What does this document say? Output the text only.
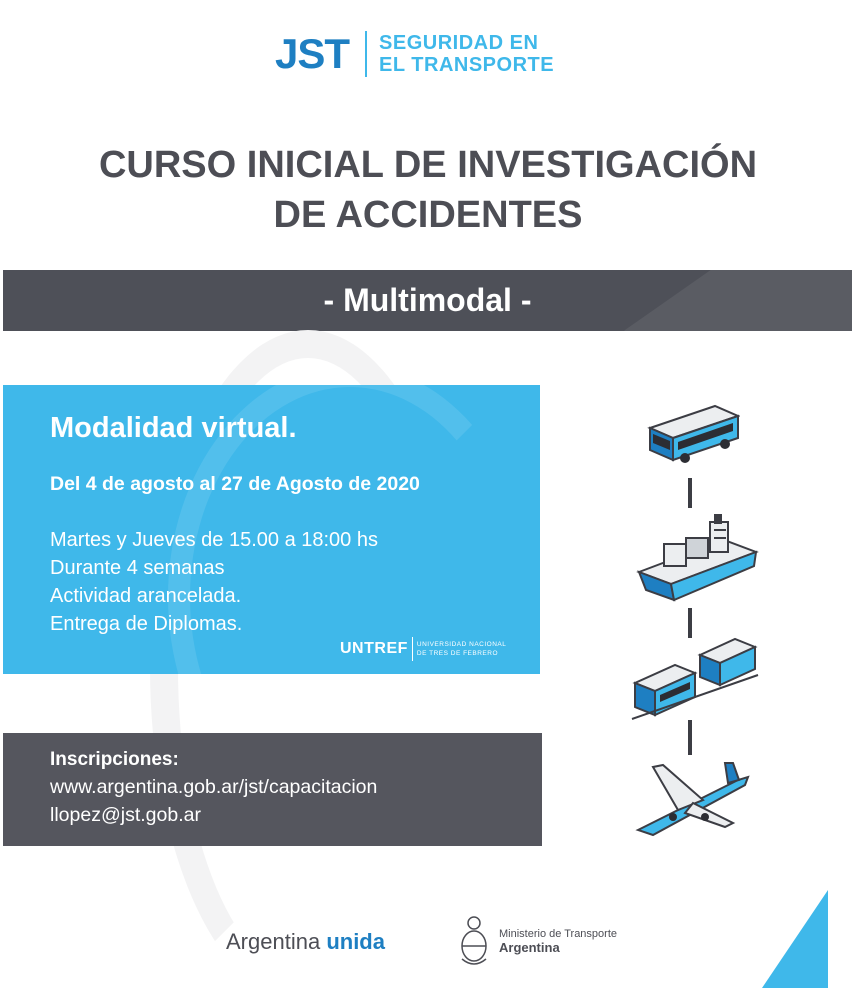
JST SEGURIDAD EN
EL TRANSPORTE
CURSO INICIAL DE INVESTIGACIÓN
DE ACCIDENTES
- Multimodal -
Modalidad virtual.
Del 4 de agosto al 27 de Agosto de 2020
Martes y Jueves de 15.00 a 18:00 hs
Durante 4 semanas
Actividad arancelada.
Entrega de Diplomas.
UNTREF UNIVERSIDAD NACIONAL
DE TRES DE FEBRERO
Inscripciones:
www.argentina.gob.ar/jst/capacitacion
llopez@jst.gob.ar
Argentina unida	Ministerio de Transporte
Argentina
